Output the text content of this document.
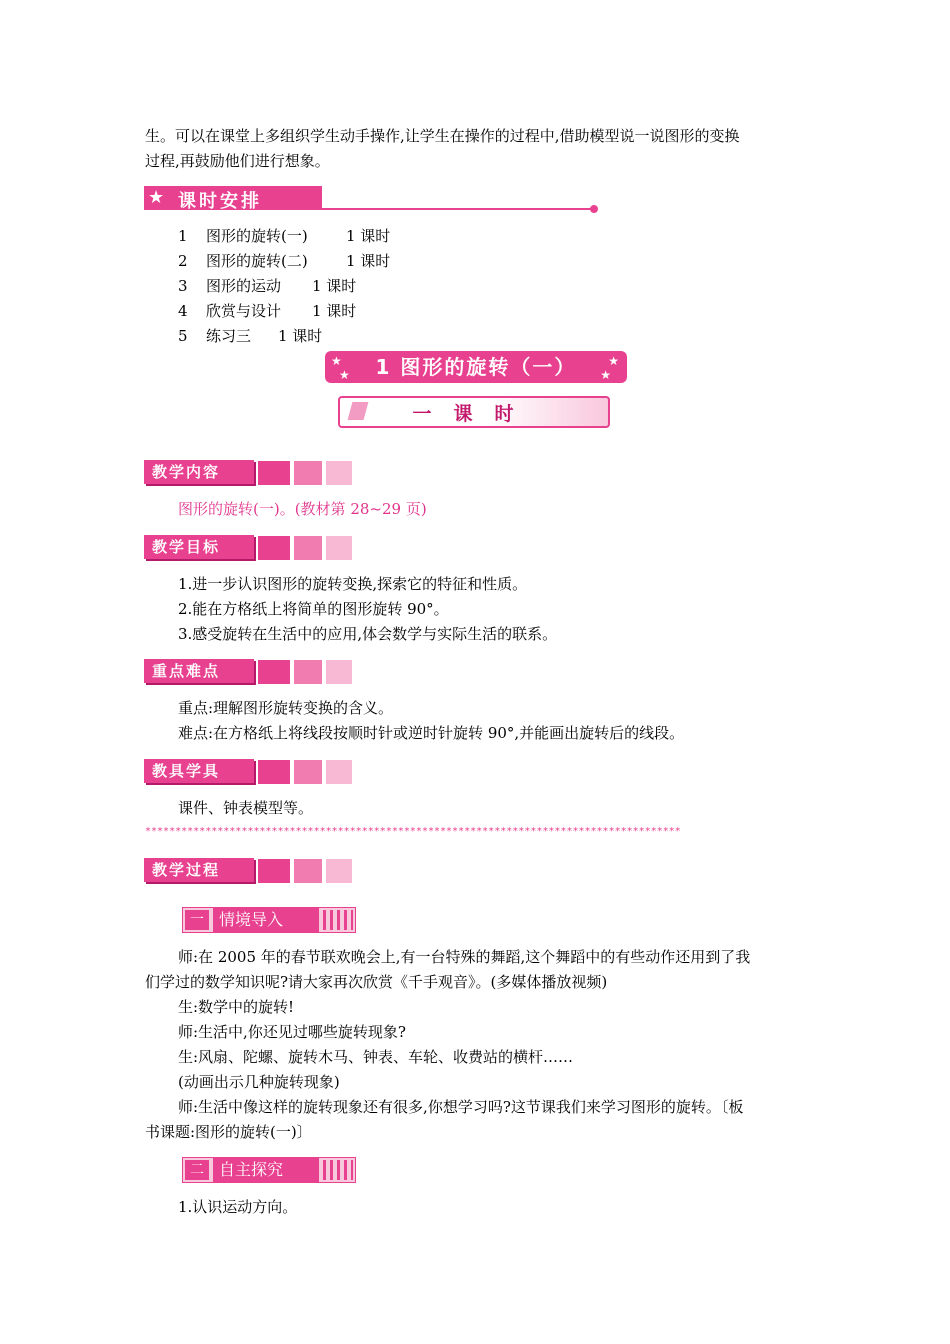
生。可以在课堂上多组织学生动手操作,让学生在操作的过程中,借助模型说一说图形的变换
过程,再鼓励他们进行想象。
★ 课时安排
1 图形的旋转(一)	1 课时
2 图形的旋转(二)	1 课时
3 图形的运动 1 课时
4 欣赏与设计 1 课时
5 练习三 1 课时
★
★
★
★
1 图形的旋转（一）
一课时
教学内容
图形的旋转(一)。(教材第 28~29 页)
教学目标
1.进一步认识图形的旋转变换,探索它的特征和性质。
2.能在方格纸上将简单的图形旋转 90°。
3.感受旋转在生活中的应用,体会数学与实际生活的联系。
重点难点
重点:理解图形旋转变换的含义。
难点:在方格纸上将线段按顺时针或逆时针旋转 90°,并能画出旋转后的线段。
教具学具
课件、钟表模型等。
*****************************************************************************************
教学过程
一 情境导入
师:在 2005 年的春节联欢晚会上,有一台特殊的舞蹈,这个舞蹈中的有些动作还用到了我
们学过的数学知识呢?请大家再次欣赏《千手观音》。(多媒体播放视频)
生:数学中的旋转!
师:生活中,你还见过哪些旋转现象?
生:风扇、陀螺、旋转木马、钟表、车轮、收费站的横杆……
(动画出示几种旋转现象)
师:生活中像这样的旋转现象还有很多,你想学习吗?这节课我们来学习图形的旋转。〔板
书课题:图形的旋转(一)〕
二 自主探究
1.认识运动方向。
